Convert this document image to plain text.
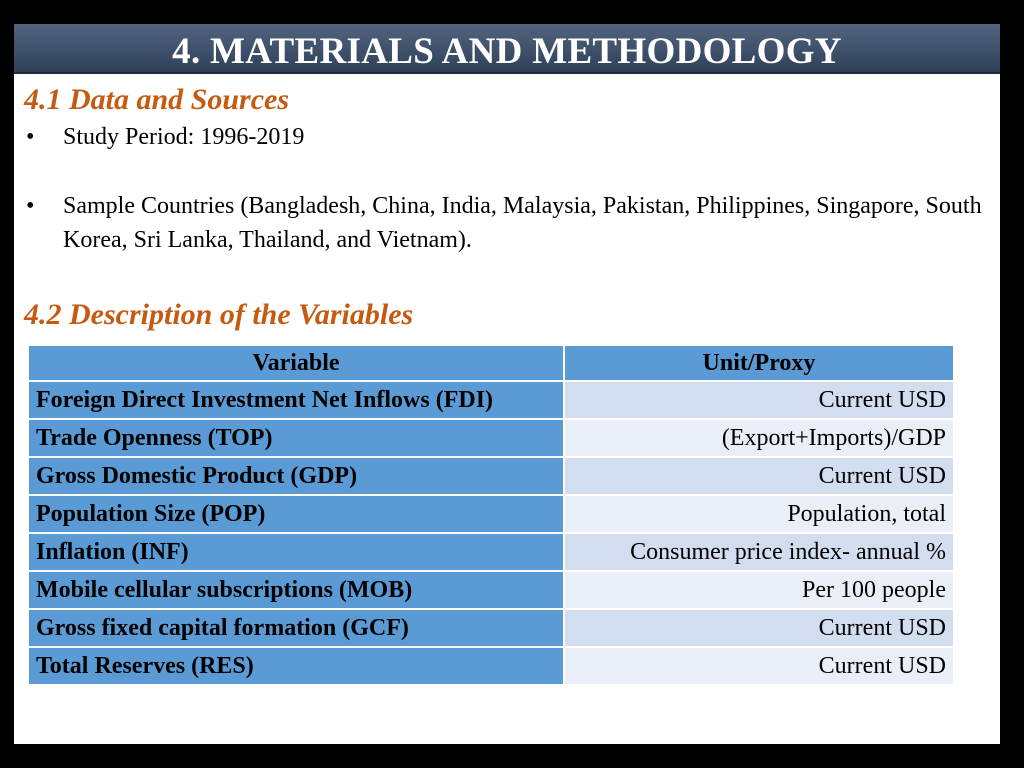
4. MATERIALS AND METHODOLOGY
4.1 Data and Sources
• Study Period: 1996-2019
• Sample Countries (Bangladesh, China, India, Malaysia, Pakistan, Philippines, Singapore, South Korea, Sri Lanka, Thailand, and Vietnam).
4.2 Description of the Variables
Variable	Unit/Proxy
Foreign Direct Investment Net Inflows (FDI)	Current USD
Trade Openness (TOP)	(Export+Imports)/GDP
Gross Domestic Product (GDP)	Current USD
Population Size (POP)	Population, total
Inflation (INF)	Consumer price index- annual %
Mobile cellular subscriptions (MOB)	Per 100 people
Gross fixed capital formation (GCF)	Current USD
Total Reserves (RES)	Current USD
